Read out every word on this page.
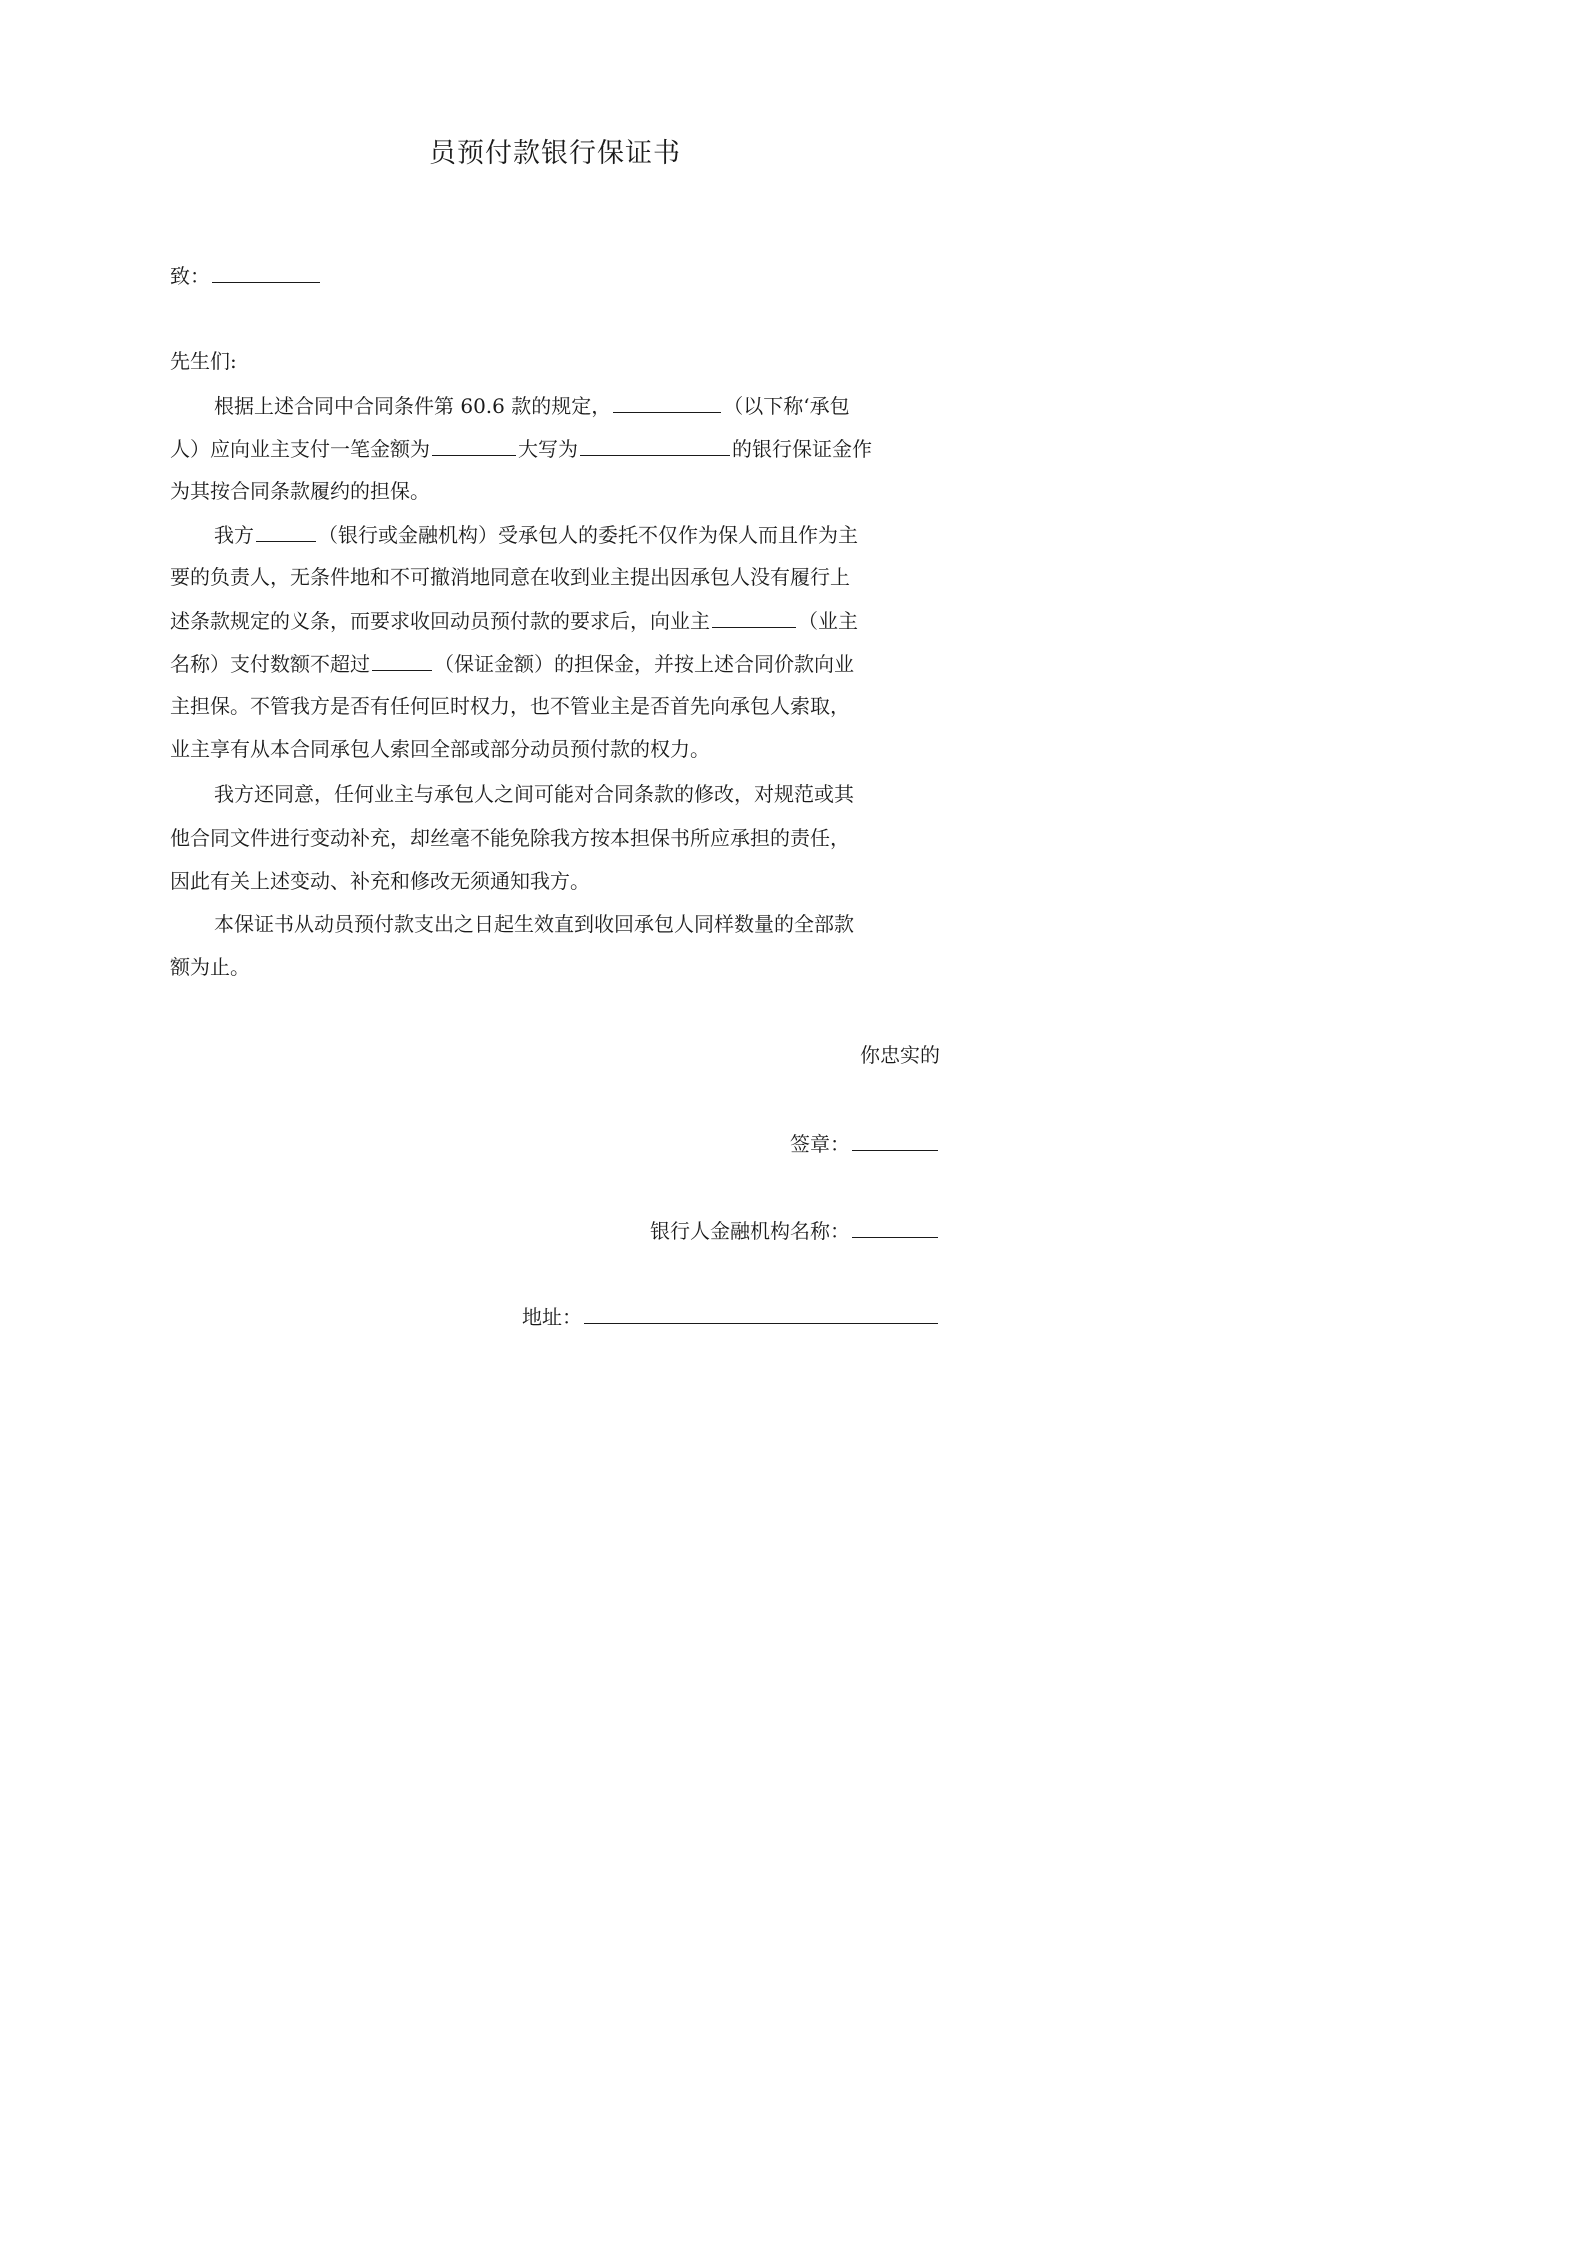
员预付款银行保证书
致：
先生们:
根据上述合同中合同条件第 60.6 款的规定，	（以下称‘承包
人）应向业主支付一笔金额为	大写为	的银行保证金作
为其按合同条款履约的担保。
我方	（银行或金融机构）受承包人的委托不仅作为保人而且作为主
要的负责人，无条件地和不可撤消地同意在收到业主提出因承包人没有履行上
述条款规定的义条，而要求收回动员预付款的要求后，向业主	（业主
名称）支付数额不超过	（保证金额）的担保金，并按上述合同价款向业
主担保。不管我方是否有任何叵时权力，也不管业主是否首先向承包人索取，
业主享有从本合同承包人索回全部或部分动员预付款的权力。
我方还同意，任何业主与承包人之间可能对合同条款的修改，对规范或其
他合同文件进行变动补充，却丝毫不能免除我方按本担保书所应承担的责任，
因此有关上述变动、补充和修改无须通知我方。
本保证书从动员预付款支出之日起生效直到收回承包人同样数量的全部款
额为止。
你忠实的
签章：
银行人金融机构名称：
地址：
